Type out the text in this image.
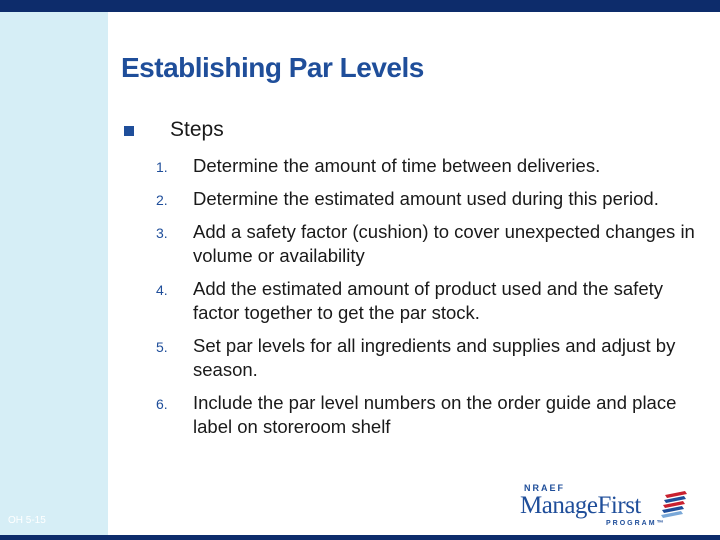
Establishing Par Levels
Steps
1.	Determine the amount of time between deliveries.
2.	Determine the estimated amount used during this period.
3.	Add a safety factor (cushion) to cover unexpected changes in volume or availability
4.	Add the estimated amount of product used and the safety factor together to get the par stock.
5.	Set par levels for all ingredients and supplies and adjust by season.
6.	Include the par level numbers on the order guide and place label on storeroom shelf
OH 5-15
NRAEF
ManageFirst
PROGRAM™
